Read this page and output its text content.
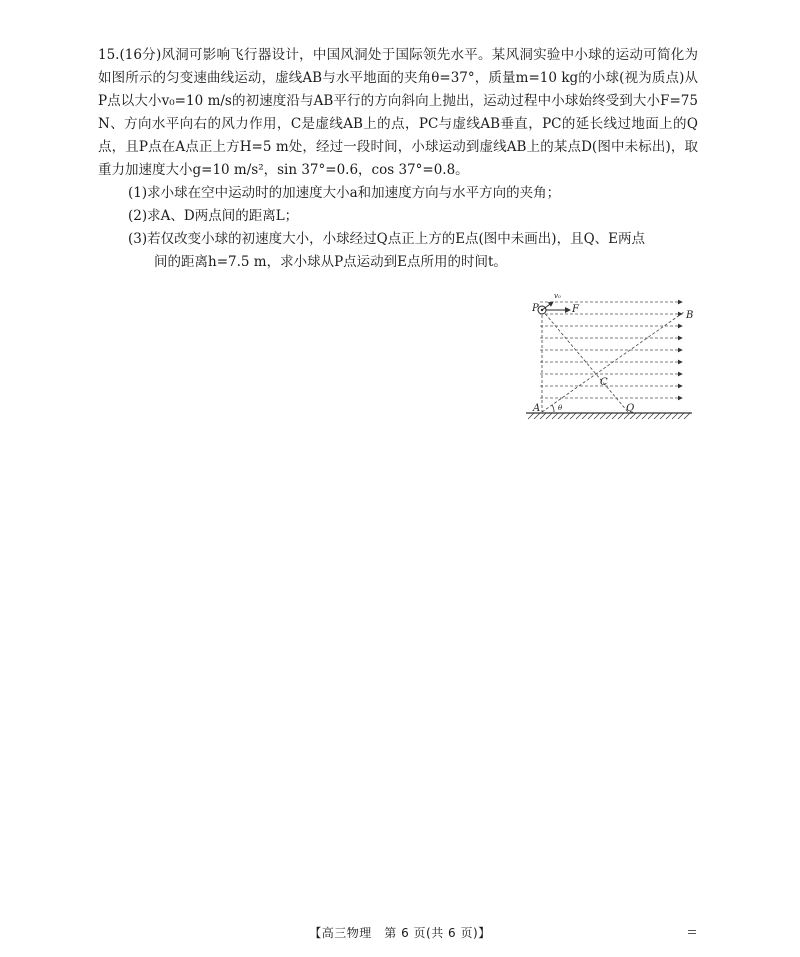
15.(16分)风洞可影响飞行器设计，中国风洞处于国际领先水平。某风洞实验中小球的运动可简化为如图所示的匀变速曲线运动，虚线AB与水平地面的夹角θ=37°，质量m=10 kg的小球(视为质点)从P点以大小v₀=10 m/s的初速度沿与AB平行的方向斜向上抛出，运动过程中小球始终受到大小F=75 N、方向水平向右的风力作用，C是虚线AB上的点，PC与虚线AB垂直，PC的延长线过地面上的Q点，且P点在A点正上方H=5 m处，经过一段时间，小球运动到虚线AB上的某点D(图中未标出)，取重力加速度大小g=10 m/s²，sin 37°=0.6，cos 37°=0.8。

(1)求小球在空中运动时的加速度大小a和加速度方向与水平方向的夹角；

(2)求A、D两点间的距离L；

(3)若仅改变小球的初速度大小，小球经过Q点正上方的E点(图中未画出)，且Q、E两点

间的距离h=7.5 m，求小球从P点运动到E点所用的时间t。

P	F
v₀
B
C
A	θ	Q
【高三物理　第 6 页(共 6 页)】
